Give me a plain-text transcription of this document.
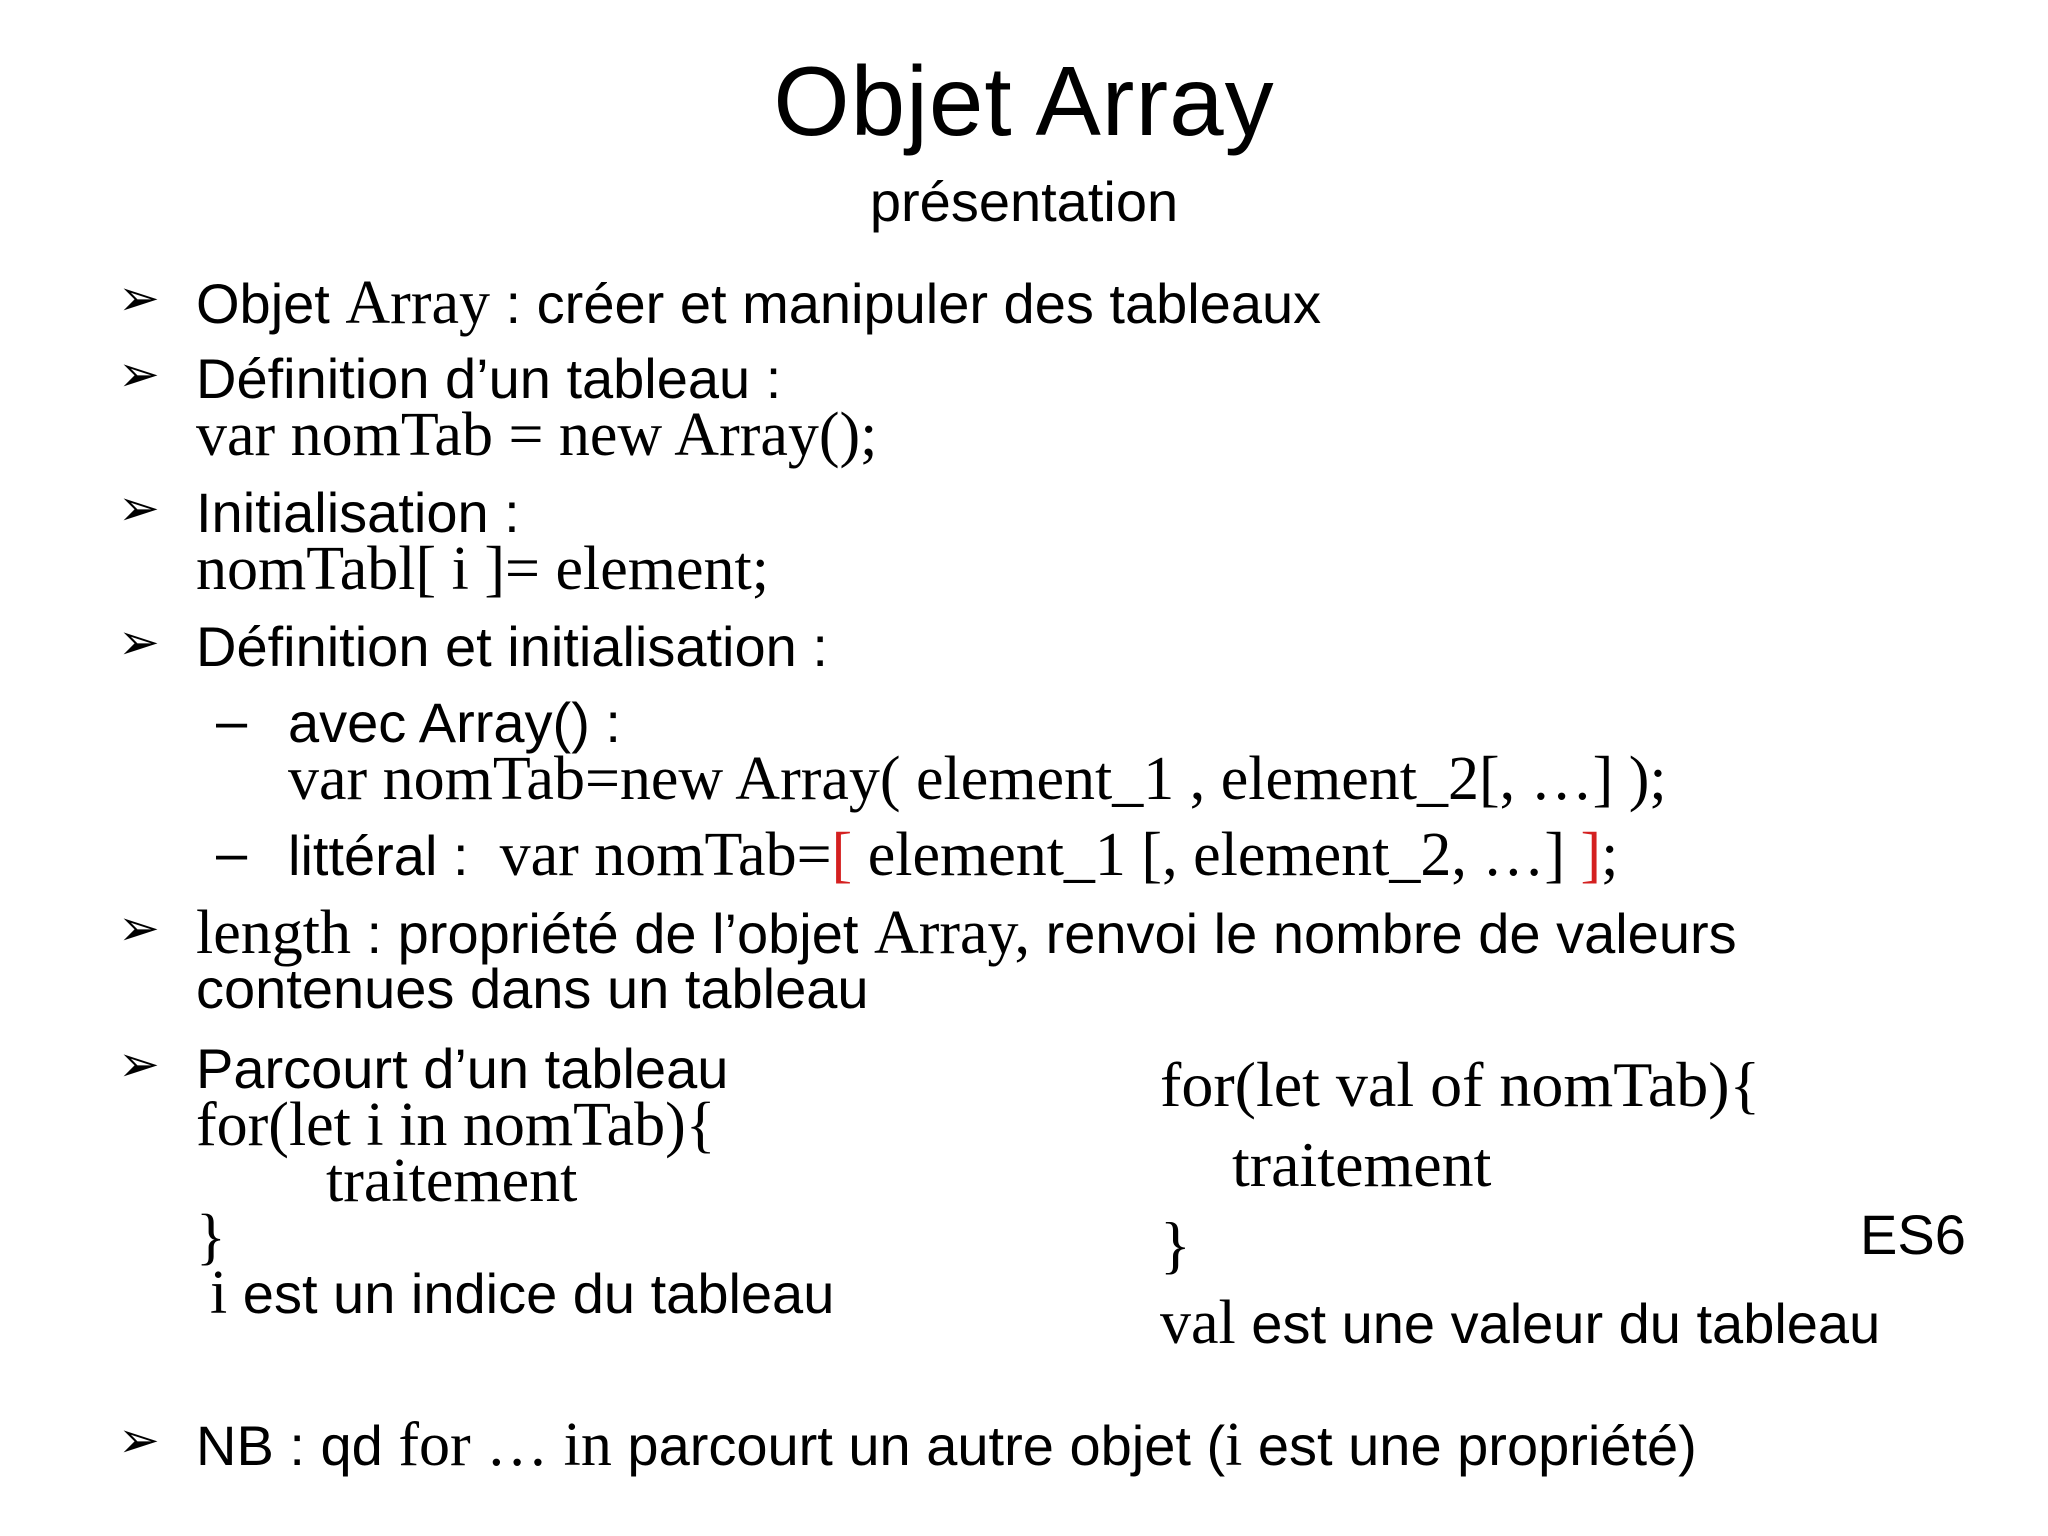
Objet Array
présentation
➢ Objet Array : créer et manipuler des tableaux
➢ Définition d’un tableau :
var nomTab = new Array();
➢ Initialisation :
nomTabl[ i ]= element;
➢ Définition et initialisation :
– avec Array() :
var nomTab=new Array( element_1 , element_2[, …] );
– littéral : var nomTab=[ element_1 [, element_2, …] ];
➢ length : propriété de l’objet Array, renvoi le nombre de valeurs
contenues dans un tableau
➢ Parcourt d’un tableau
for(let i in nomTab){
traitement
}
i est un indice du tableau
for(let val of nomTab){
traitement
}	ES6
val est une valeur du tableau
➢ NB : qd for … in parcourt un autre objet (i est une propriété)
